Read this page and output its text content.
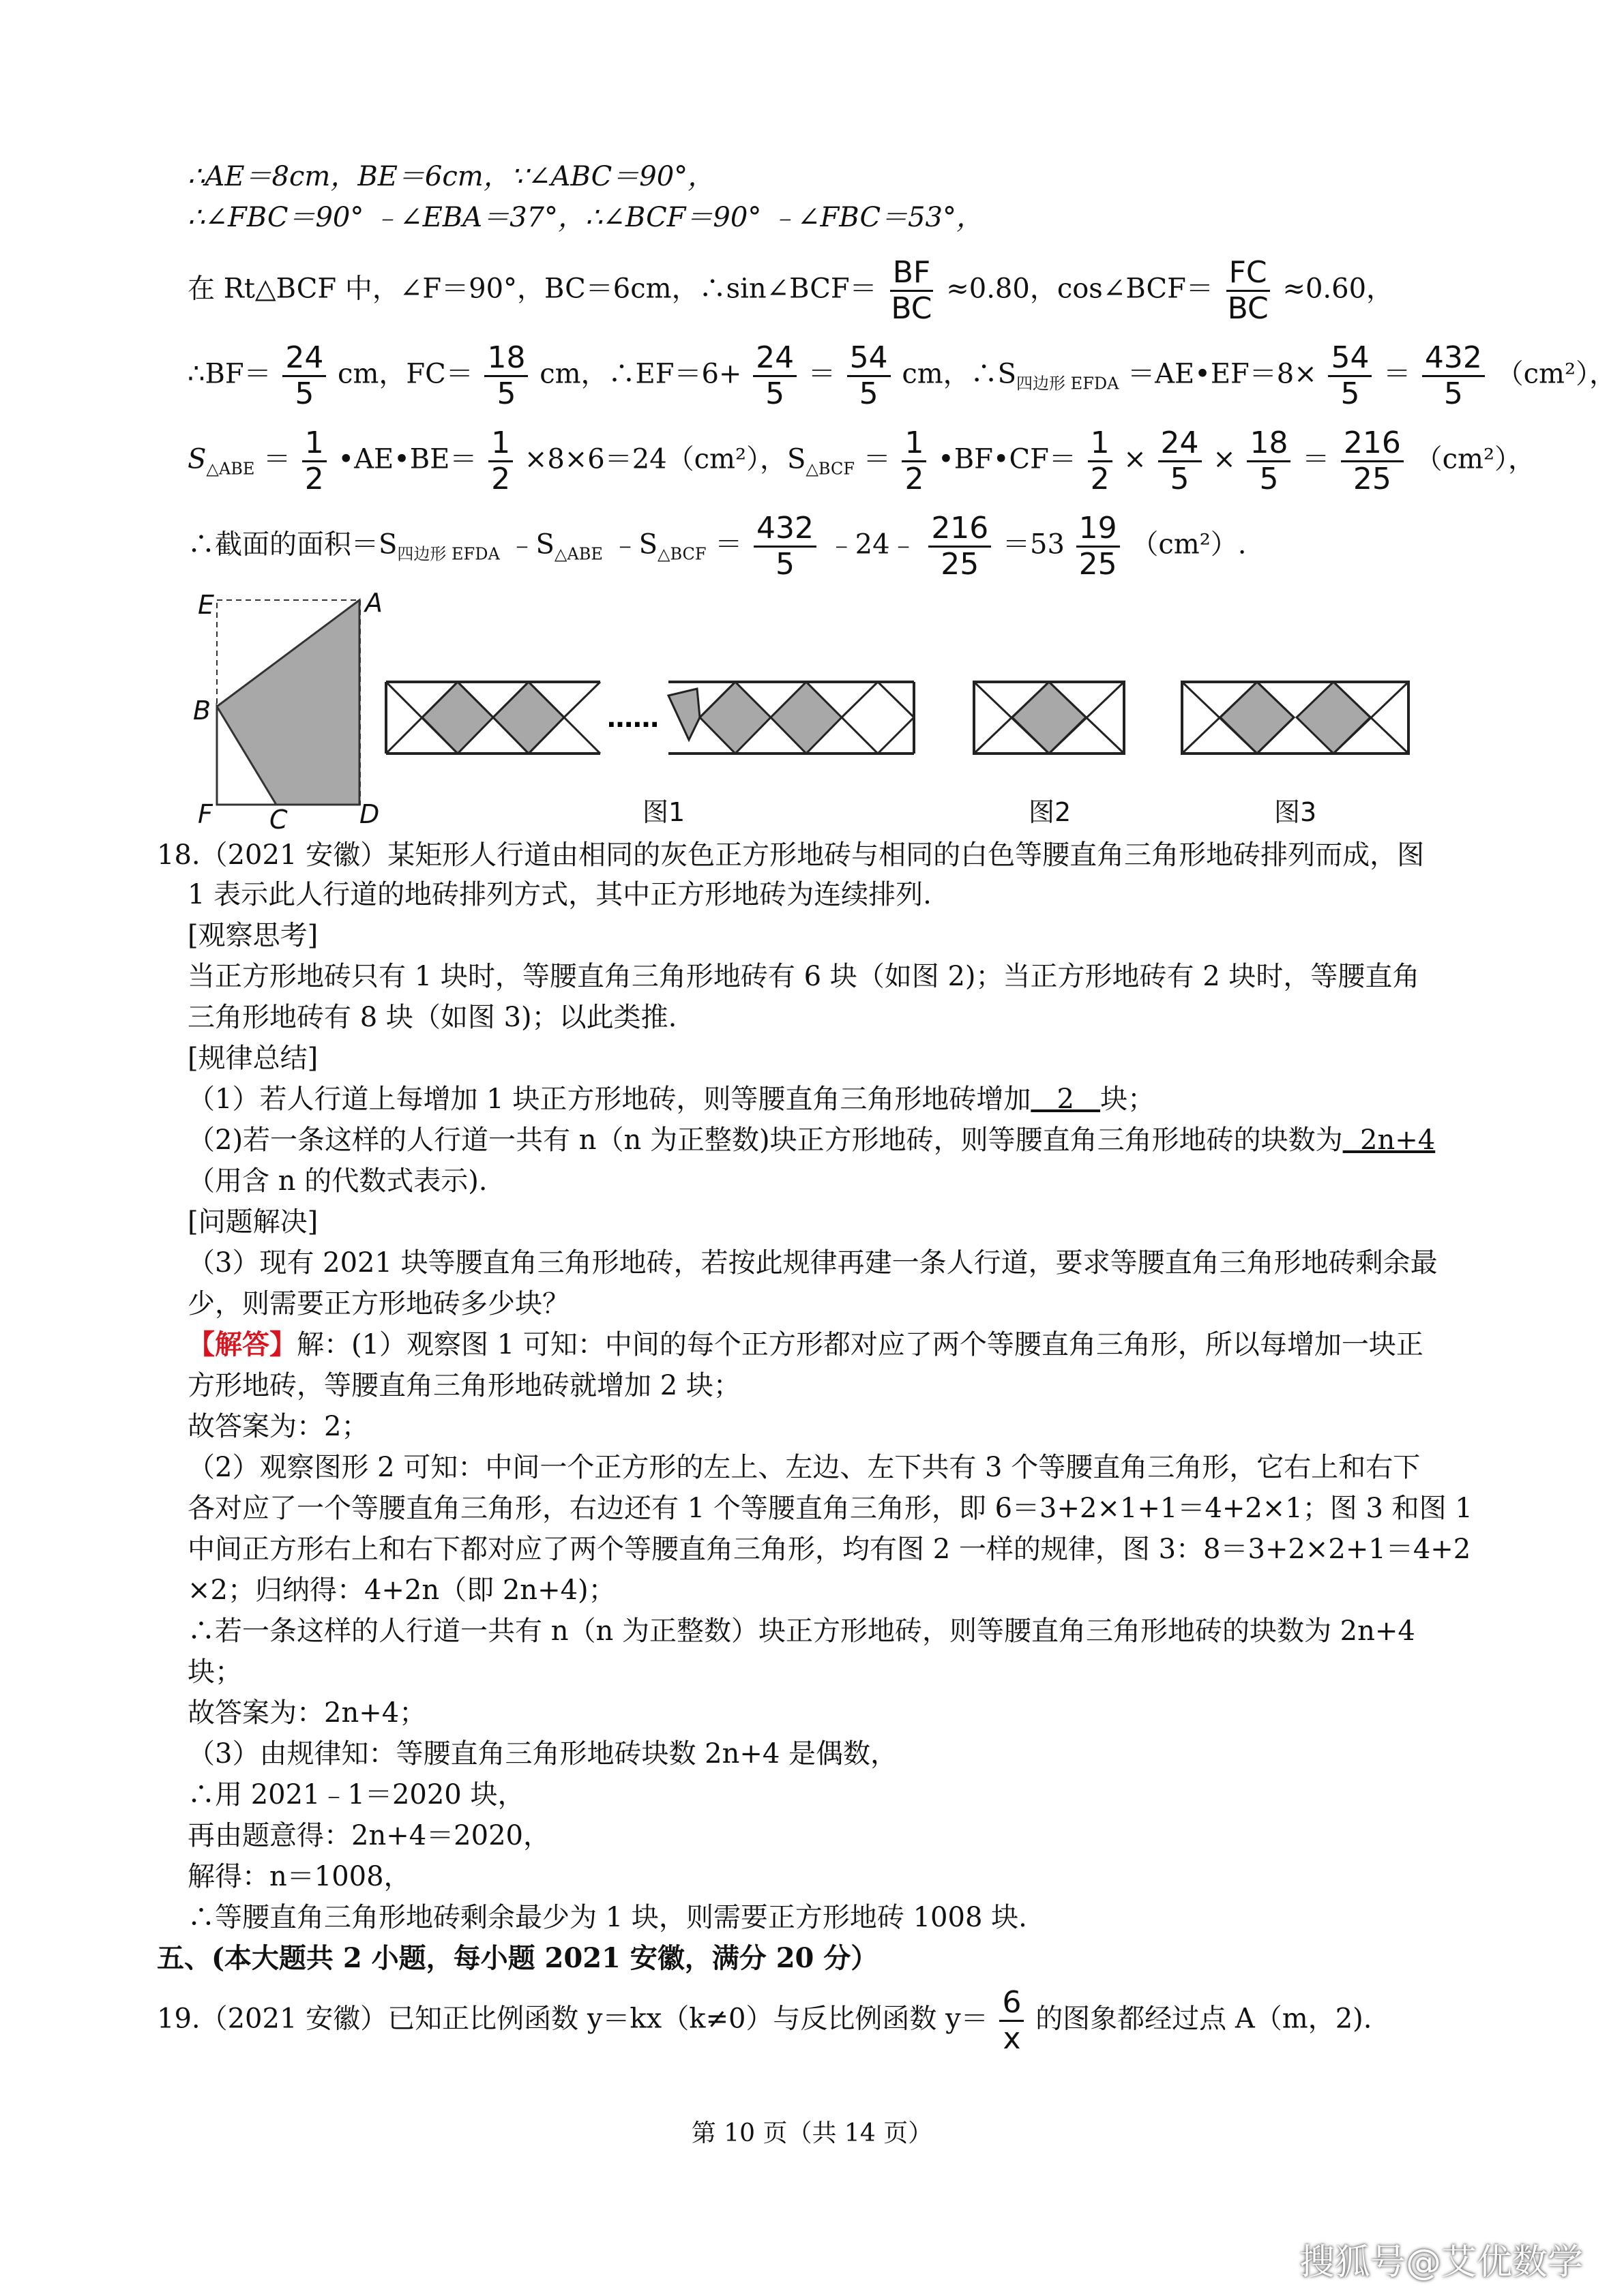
∴AE＝8cm，BE＝6cm，∵∠ABC＝90°，
∴∠FBC＝90° ﹣∠EBA＝37°，∴∠BCF＝90° ﹣∠FBC＝53°，
在 Rt△BCF 中，∠F＝90°，BC＝6cm，∴sin∠BCF＝ $\frac{BF}{BC} \approx 0.80$，cos∠BCF＝ $\frac{FC}{BC} \approx 0.60$，
∴BF＝ $\frac{24}{5}$ cm，$FC= \frac{18}{5}$ cm，∴EF＝6+ $\frac{24}{5} = \frac{54}{5}$ cm，$\therefore S_{四边形 EFDA}$ ＝AE•EF＝8× $\frac{54}{5} = \frac{432}{5} (cm^2)$，
$S_{\triangle ABE} = \frac{1}{2}$ •AE•BE＝ $\frac{1}{2} \times 8\times 6=24(cm^2)$，$S_{\triangle BCF} = \frac{1}{2}$ •BF•CF＝ $\frac{1}{2} \times \frac{24}{5} \times \frac{18}{5} = \frac{216}{25} (cm^2)$，
∴截面的面积$=S_{四边形 EFDA}$ $﹣S_{\triangle ABE}$ $﹣S_{\triangle BCF} = \frac{432}{5}$ ﹣24﹣ $\frac{216}{25} =53 \frac{19}{25} (cm^2)$.
……
E	A
B
F C	D	图1	图2	图3
18.（2021 安徽）某矩形人行道由相同的灰色正方形地砖与相同的白色等腰直角三角形地砖排列而成，图
1 表示此人行道的地砖排列方式，其中正方形地砖为连续排列.
[观察思考]
当正方形地砖只有 1 块时，等腰直角三角形地砖有 6 块（如图 2)；当正方形地砖有 2 块时，等腰直角
三角形地砖有 8 块（如图 3)；以此类推.
[规律总结]
（1）若人行道上每增加 1 块正方形地砖，则等腰直角三角形地砖增加   2   块；
（2)若一条这样的人行道一共有 n（n 为正整数)块正方形地砖，则等腰直角三角形地砖的块数为  2n+4
（用含 n 的代数式表示).
[问题解决]
（3）现有 2021 块等腰直角三角形地砖，若按此规律再建一条人行道，要求等腰直角三角形地砖剩余最
少，则需要正方形地砖多少块？
【解答】解：(1）观察图 1 可知：中间的每个正方形都对应了两个等腰直角三角形，所以每增加一块正
方形地砖，等腰直角三角形地砖就增加 2 块；
故答案为：2；
（2）观察图形 2 可知：中间一个正方形的左上、左边、左下共有 3 个等腰直角三角形，它右上和右下
各对应了一个等腰直角三角形，右边还有 1 个等腰直角三角形，即 6＝3+2×1+1＝4+2×1；图 3 和图 1
中间正方形右上和右下都对应了两个等腰直角三角形，均有图 2 一样的规律，图 3：8＝3+2×2+1＝4+2
×2；归纳得：4+2n（即 2n+4)；
∴若一条这样的人行道一共有 n（n 为正整数）块正方形地砖，则等腰直角三角形地砖的块数为 2n+4
块；
故答案为：2n+4；
（3）由规律知：等腰直角三角形地砖块数 2n+4 是偶数，
∴用 2021﹣1＝2020 块，
再由题意得：2n+4＝2020，
解得：n＝1008，
∴等腰直角三角形地砖剩余最少为 1 块，则需要正方形地砖 1008 块.
五、(本大题共 2 小题，每小题 2021 安徽，满分 20 分）
19.（2021 安徽）已知正比例函数 y＝kx（k≠0）与反比例函数 $y= \frac{6}{x}$ 的图象都经过点 A（m，2).
第 10 页（共 14 页）
搜狐号@艾优数学
